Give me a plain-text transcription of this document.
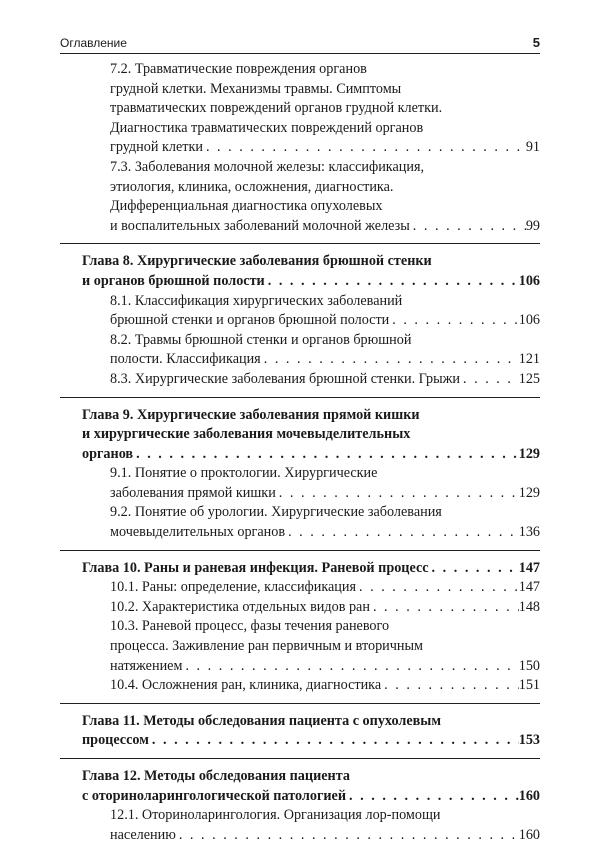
Оглавление	5
7.2. Травматические повреждения органов
грудной клетки. Механизмы травмы. Симптомы
травматических повреждений органов грудной клетки.
Диагностика травматических повреждений органов
грудной клетки . . .	91
7.3. Заболевания молочной железы: классификация,
этиология, клиника, осложнения, диагностика.
Дифференциальная диагностика опухолевых
и воспалительных заболеваний молочной железы . . .	99
Глава 8. Хирургические заболевания брюшной стенки
и органов брюшной полости . . .	106
8.1. Классификация хирургических заболеваний
брюшной стенки и органов брюшной полости . . .	106
8.2. Травмы брюшной стенки и органов брюшной
полости. Классификация . . .	121
8.3. Хирургические заболевания брюшной стенки. Грыжи . . .	125
Глава 9. Хирургические заболевания прямой кишки
и хирургические заболевания мочевыделительных
органов . . .	129
9.1. Понятие о проктологии. Хирургические
заболевания прямой кишки . . .	129
9.2. Понятие об урологии. Хирургические заболевания
мочевыделительных органов . . .	136
Глава 10. Раны и раневая инфекция. Раневой процесс . . .	147
10.1. Раны: определение, классификация . . .	147
10.2. Характеристика отдельных видов ран . . .	148
10.3. Раневой процесс, фазы течения раневого
процесса. Заживление ран первичным и вторичным
натяжением . . .	150
10.4. Осложнения ран, клиника, диагностика . . .	151
Глава 11. Методы обследования пациента с опухолевым
процессом . . .	153
Глава 12. Методы обследования пациента
с оториноларингологической патологией . . .	160
12.1. Оториноларингология. Организация лор-помощи
населению . . .	160
